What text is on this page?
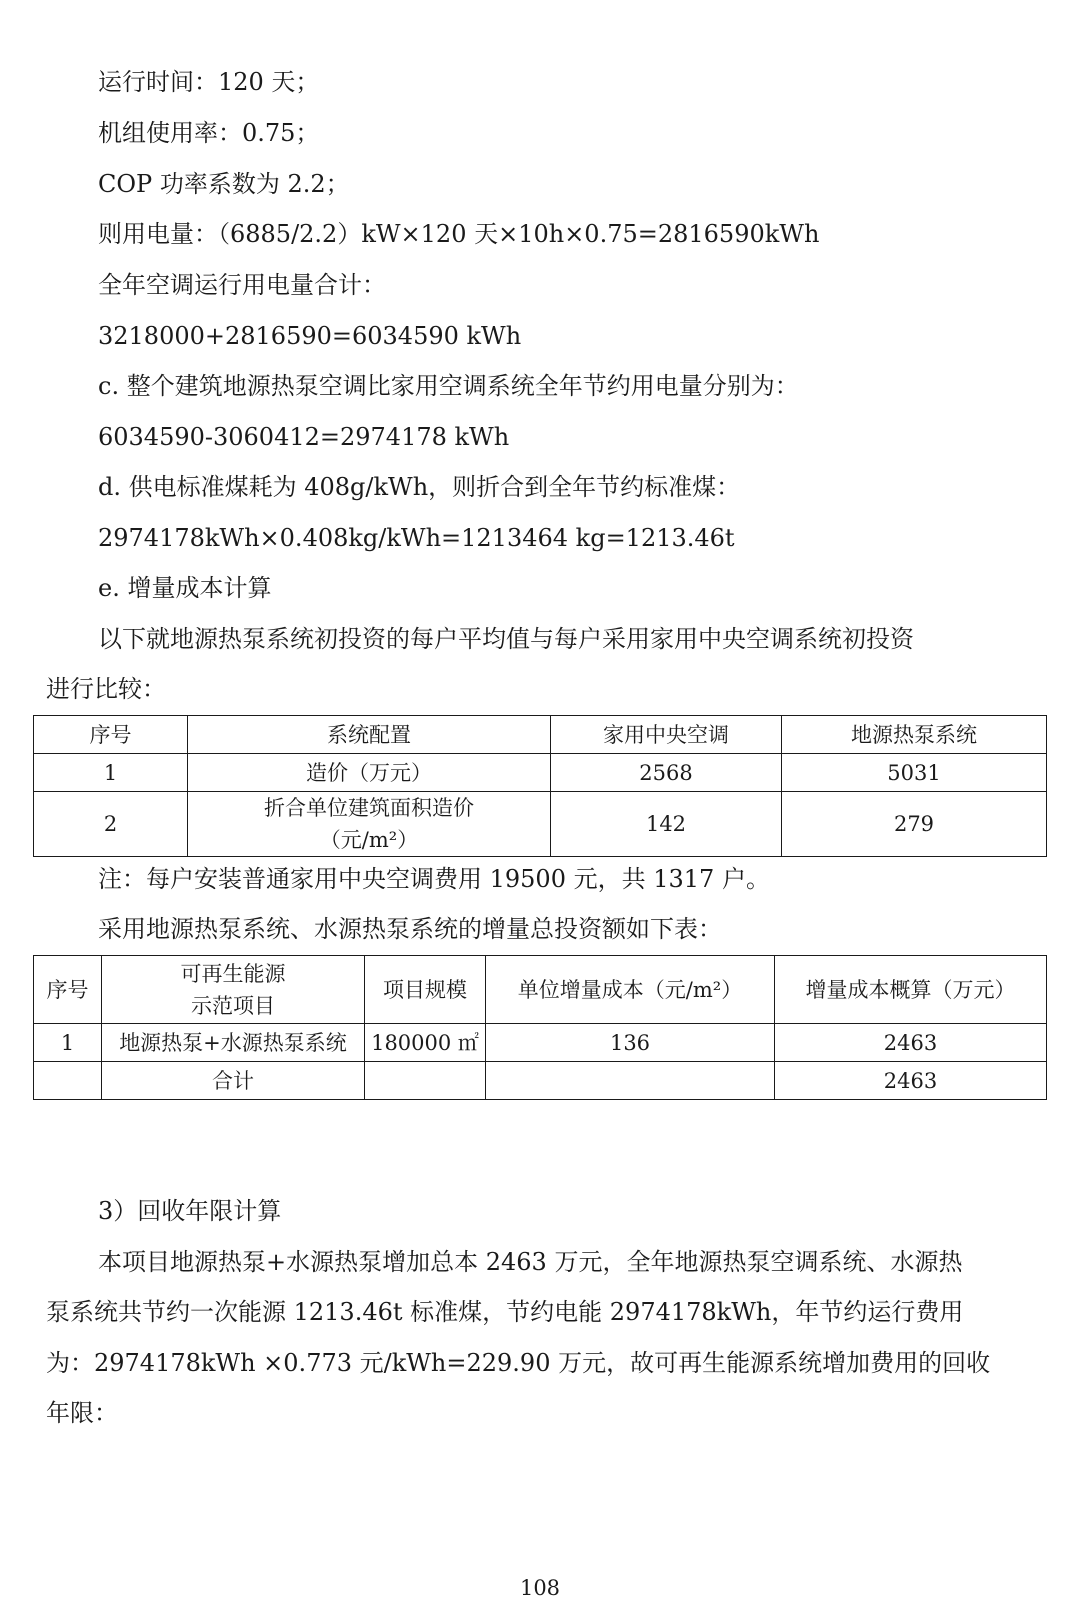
运行时间：120 天；
机组使用率：0.75；
COP 功率系数为 2.2；
则用电量：（6885/2.2）kW×120 天×10h×0.75=2816590kWh
全年空调运行用电量合计：
3218000+2816590=6034590 kWh
c. 整个建筑地源热泵空调比家用空调系统全年节约用电量分别为：
6034590-3060412=2974178 kWh
d. 供电标准煤耗为 408g/kWh，则折合到全年节约标准煤：
2974178kWh×0.408kg/kWh=1213464 kg=1213.46t
e. 增量成本计算
以下就地源热泵系统初投资的每户平均值与每户采用家用中央空调系统初投资
进行比较：
序号	系统配置	家用中央空调	地源热泵系统
1	造价（万元）	2568	5031
2	折合单位建筑面积造价
（元/m²）	142	279
注：每户安装普通家用中央空调费用 19500 元，共 1317 户。
采用地源热泵系统、水源热泵系统的增量总投资额如下表：
序号	可再生能源
示范项目	项目规模	单位增量成本（元/m²）	增量成本概算（万元）
1	地源热泵+水源热泵系统	180000 ㎡	136	2463
	合计			2463
3）回收年限计算
本项目地源热泵+水源热泵增加总本 2463 万元，全年地源热泵空调系统、水源热
泵系统共节约一次能源 1213.46t 标准煤，节约电能 2974178kWh，年节约运行费用
为：2974178kWh ×0.773 元/kWh=229.90 万元，故可再生能源系统增加费用的回收
年限：
108
